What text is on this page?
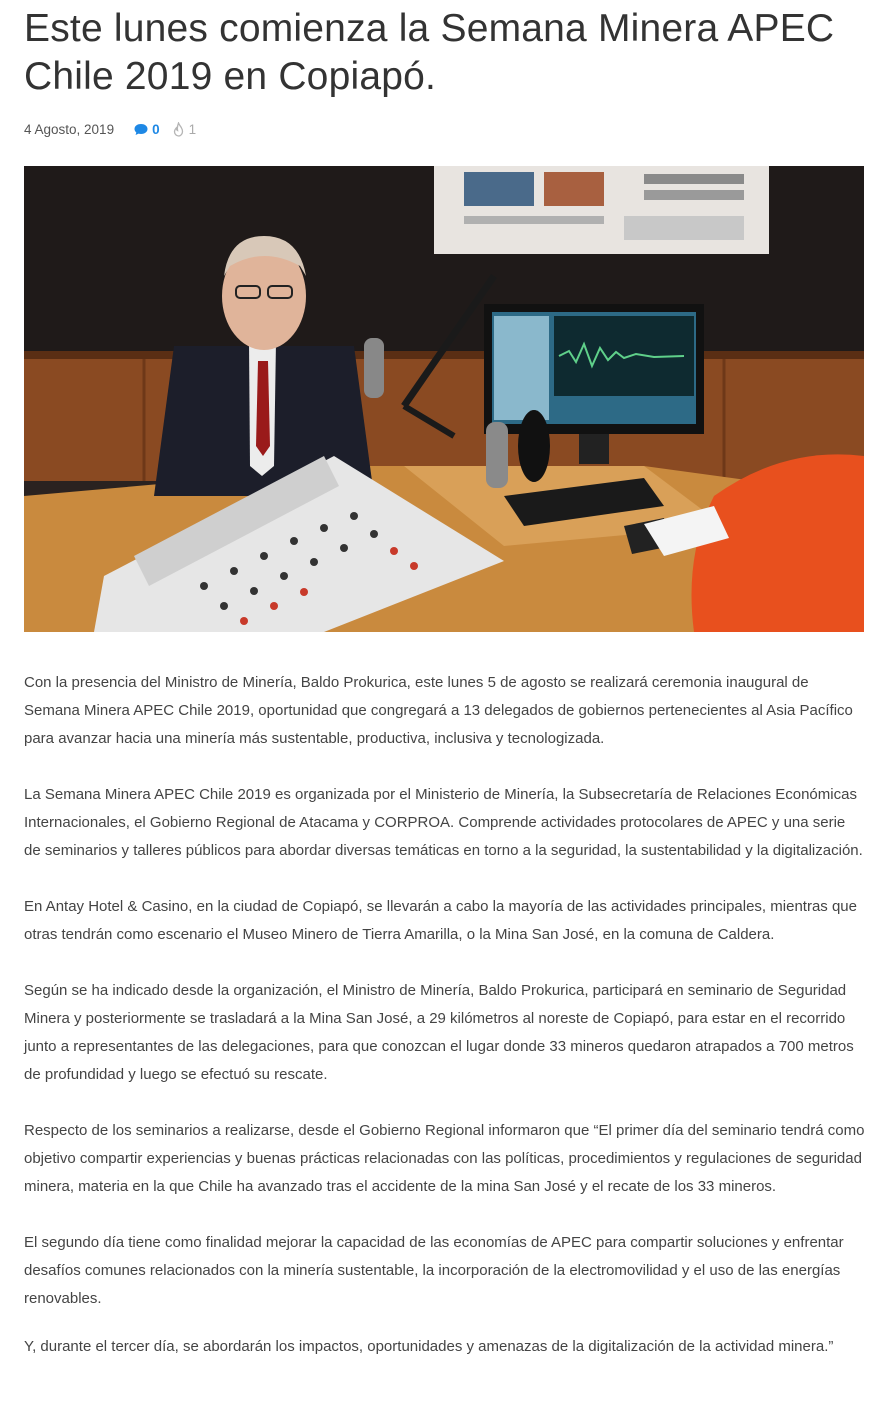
Este lunes comienza la Semana Minera APEC Chile 2019 en Copiapó.
4 Agosto, 2019	0 1

Con la presencia del Ministro de Minería, Baldo Prokurica, este lunes 5 de agosto se realizará ceremonia inaugural de Semana Minera APEC Chile 2019, oportunidad que congregará a 13 delegados de gobiernos pertenecientes al Asia Pacífico para avanzar hacia una minería más sustentable, productiva, inclusiva y tecnologizada.

La Semana Minera APEC Chile 2019 es organizada por el Ministerio de Minería, la Subsecretaría de Relaciones Económicas Internacionales, el Gobierno Regional de Atacama y CORPROA. Comprende actividades protocolares de APEC y una serie de seminarios y talleres públicos para abordar diversas temáticas en torno a la seguridad, la sustentabilidad y la digitalización.

En Antay Hotel & Casino, en la ciudad de Copiapó, se llevarán a cabo la mayoría de las actividades principales, mientras que otras tendrán como escenario el Museo Minero de Tierra Amarilla, o la Mina San José, en la comuna de Caldera.

Según se ha indicado desde la organización, el Ministro de Minería, Baldo Prokurica, participará en seminario de Seguridad Minera y posteriormente se trasladará a la Mina San José, a 29 kilómetros al noreste de Copiapó, para estar en el recorrido junto a representantes de las delegaciones, para que conozcan el lugar donde 33 mineros quedaron atrapados a 700 metros de profundidad y luego se efectuó su rescate.

Respecto de los seminarios a realizarse, desde el Gobierno Regional informaron que “El primer día del seminario tendrá como objetivo compartir experiencias y buenas prácticas relacionadas con las políticas, procedimientos y regulaciones de seguridad minera, materia en la que Chile ha avanzado tras el accidente de la mina San José y el recate de los 33 mineros.

El segundo día tiene como finalidad mejorar la capacidad de las economías de APEC para compartir soluciones y enfrentar desafíos comunes relacionados con la minería sustentable, la incorporación de la electromovilidad y el uso de las energías renovables.

Y, durante el tercer día, se abordarán los impactos, oportunidades y amenazas de la digitalización de la actividad minera.”
